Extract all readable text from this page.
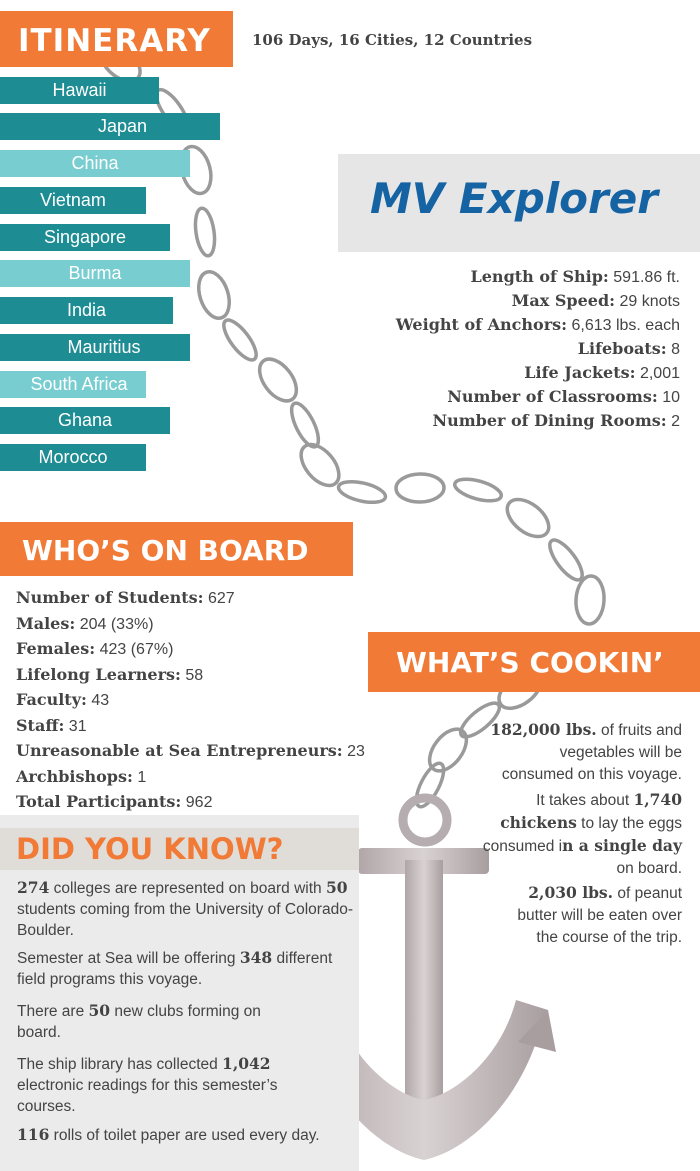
ITINERARY	106 Days, 16 Cities, 12 Countries
Hawaii
Japan
China
Vietnam
Singapore
Burma
India
Mauritius
South Africa
Ghana
Morocco
MV Explorer
Length of Ship: 591.86 ft.
Max Speed: 29 knots
Weight of Anchors: 6,613 lbs. each
Lifeboats: 8
Life Jackets: 2,001
Number of Classrooms: 10
Number of Dining Rooms: 2
WHO’S ON BOARD
Number of Students: 627
Males: 204 (33%)
Females: 423 (67%)
Lifelong Learners: 58
Faculty: 43
Staff: 31
Unreasonable at Sea Entrepreneurs: 23
Archbishops: 1
Total Participants: 962
WHAT’S COOKIN’
182,000 lbs. of fruits and
vegetables will be
consumed on this voyage.
It takes about 1,740
chickens to lay the eggs
consumed in a single day
on board.
2,030 lbs. of peanut
butter will be eaten over
the course of the trip.
DID YOU KNOW?
274 colleges are represented on board with 50 students coming from the University of Colorado-Boulder.
Semester at Sea will be offering 348 different field programs this voyage.
There are 50 new clubs forming on board.
The ship library has collected 1,042 electronic readings for this semester’s courses.
116 rolls of toilet paper are used every day.
